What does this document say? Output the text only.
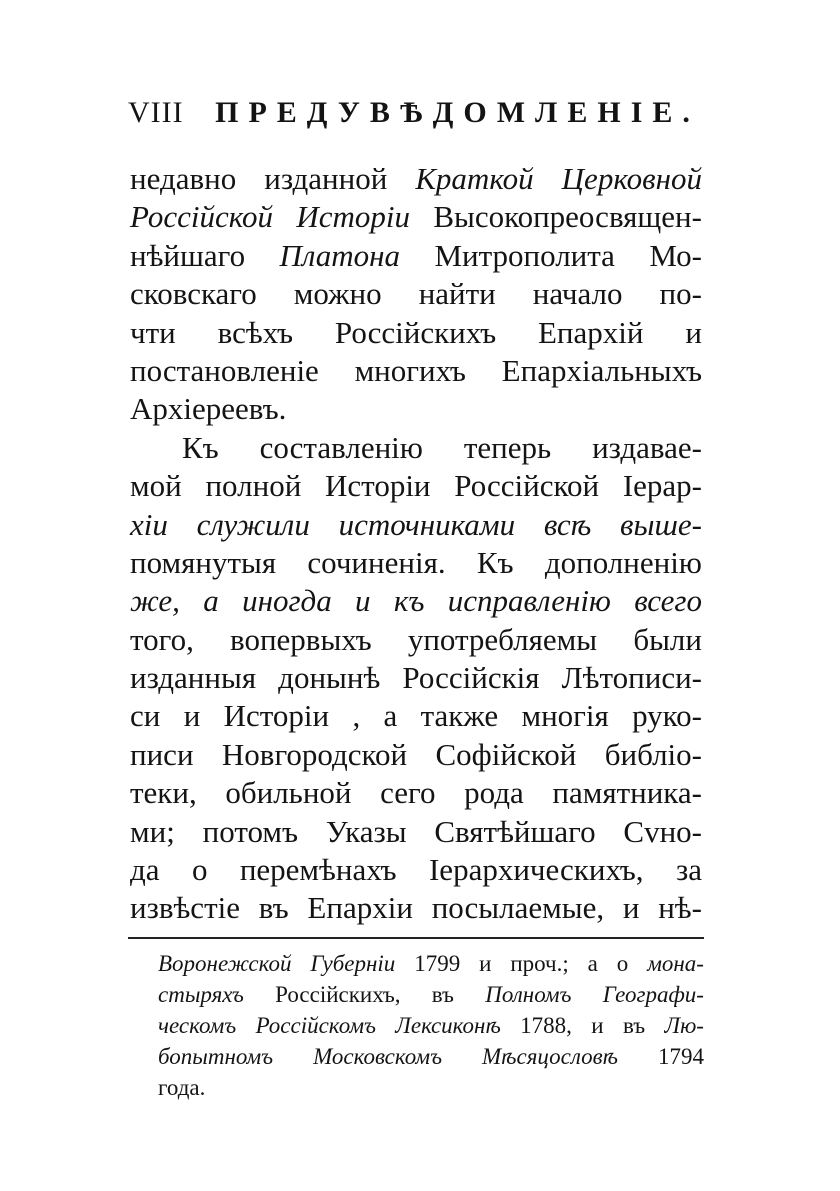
VIII ПРЕДУВѢДОМЛЕНІЕ.
недавно изданной Краткой Церковной
Россійской Исторіи Высокопреосвящен-
нѣйшаго Платона Митрополита Мо-
сковскаго можно найти начало по-
чти всѣхъ Россійскихъ Епархій и
постановленіе многихъ Епархіальныхъ
Архіереевъ.
Къ составленію теперь издавае-
мой полной Исторіи Россійской Іерар-
хіи служили источниками всѣ выше-
помянутыя сочиненія. Къ дополненію
же, а иногда и къ исправленію всего
того, вопервыхъ употребляемы были
изданныя донынѣ Россійскія Лѣтописи-
си и Исторіи , а также многія руко-
писи Новгородской Софійской библіо-
теки, обильной сего рода памятника-
ми; потомъ Указы Святѣйшаго Сvно-
да о перемѣнахъ Іерархическихъ, за
извѣстіе въ Епархіи посылаемые, и нѣ-
Воронежской Губерніи 1799 и проч.; а о мона-
стыряхъ Россійскихъ, въ Полномъ Географи-
ческомъ Россійскомъ Лексиконѣ 1788, и въ Лю-
бопытномъ Московскомъ Мѣсяцословѣ 1794
года.
